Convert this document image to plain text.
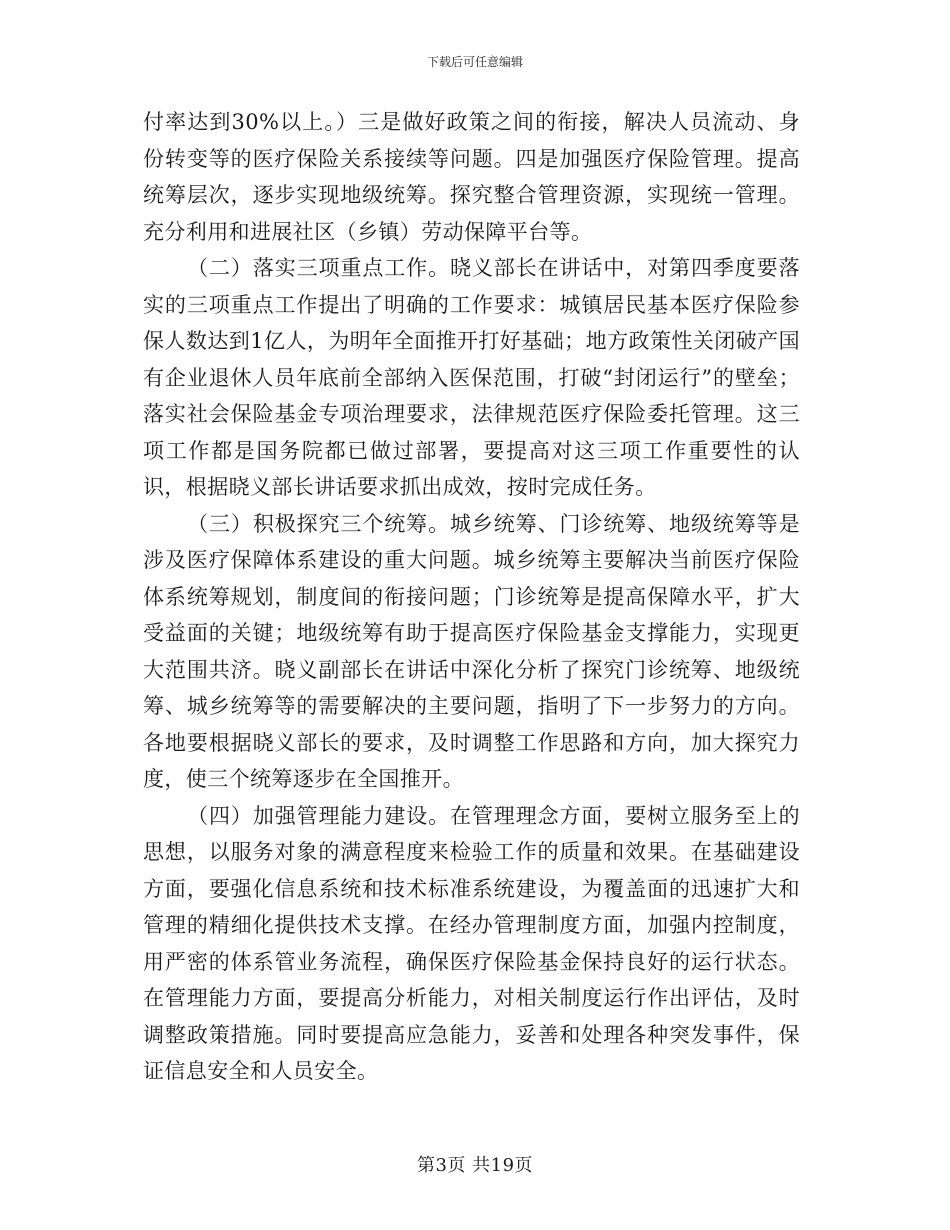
下载后可任意编辑

付率达到30%以上。）三是做好政策之间的衔接，解决人员流动、身份转变等的医疗保险关系接续等问题。四是加强医疗保险管理。提高统筹层次，逐步实现地级统筹。探究整合管理资源，实现统一管理。充分利用和进展社区（乡镇）劳动保障平台等。

（二）落实三项重点工作。晓义部长在讲话中，对第四季度要落实的三项重点工作提出了明确的工作要求：城镇居民基本医疗保险参保人数达到1亿人，为明年全面推开打好基础；地方政策性关闭破产国有企业退休人员年底前全部纳入医保范围，打破“封闭运行”的壁垒；落实社会保险基金专项治理要求，法律规范医疗保险委托管理。这三项工作都是国务院都已做过部署，要提高对这三项工作重要性的认识，根据晓义部长讲话要求抓出成效，按时完成任务。

（三）积极探究三个统筹。城乡统筹、门诊统筹、地级统筹等是涉及医疗保障体系建设的重大问题。城乡统筹主要解决当前医疗保险体系统筹规划，制度间的衔接问题；门诊统筹是提高保障水平，扩大受益面的关键；地级统筹有助于提高医疗保险基金支撑能力，实现更大范围共济。晓义副部长在讲话中深化分析了探究门诊统筹、地级统筹、城乡统筹等的需要解决的主要问题，指明了下一步努力的方向。各地要根据晓义部长的要求，及时调整工作思路和方向，加大探究力度，使三个统筹逐步在全国推开。

（四）加强管理能力建设。在管理理念方面，要树立服务至上的思想，以服务对象的满意程度来检验工作的质量和效果。在基础建设方面，要强化信息系统和技术标准系统建设，为覆盖面的迅速扩大和管理的精细化提供技术支撑。在经办管理制度方面，加强内控制度，用严密的体系管业务流程，确保医疗保险基金保持良好的运行状态。在管理能力方面，要提高分析能力，对相关制度运行作出评估，及时调整政策措施。同时要提高应急能力，妥善和处理各种突发事件，保证信息安全和人员安全。

第3页 共19页
